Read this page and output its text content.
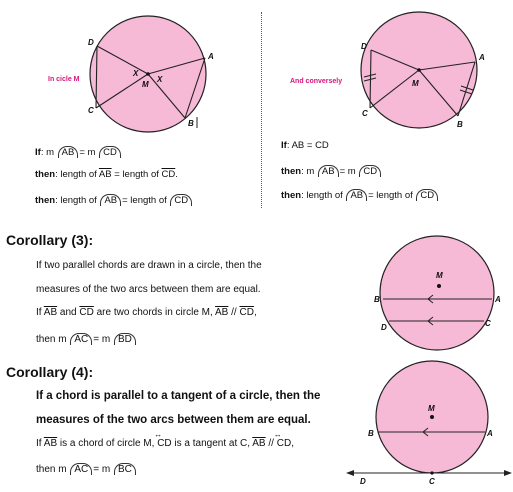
D
A
C
B
M
X
X
In cicle M
D
A
C
B
M
And conversely
If: m AB = m CD
then: length of $\overline{AB}$ = length of $\overline{CD}$.
then: length of AB = length of CD
If: AB = CD
then: m AB = m CD
then: length of AB = length of CD
Corollary (3):
If two parallel chords are drawn in a circle, then the
measures of the two arcs between them are equal.
If $\overline{AB}$ and $\overline{CD}$ are two chords in circle M, $\overline{AB} // \overline{CD}$,
then m AC = m BD
M
B	A
D	C
Corollary (4):
If a chord is parallel to a tangent of a circle, then the
measures of the two arcs between them are equal.
If $\overline{AB}$ is a chord of circle M,
↔
CD is a tangent at C, $\overline{AB}$ //
↔
CD,
then m AC = m BC
M
B	A
D	C
